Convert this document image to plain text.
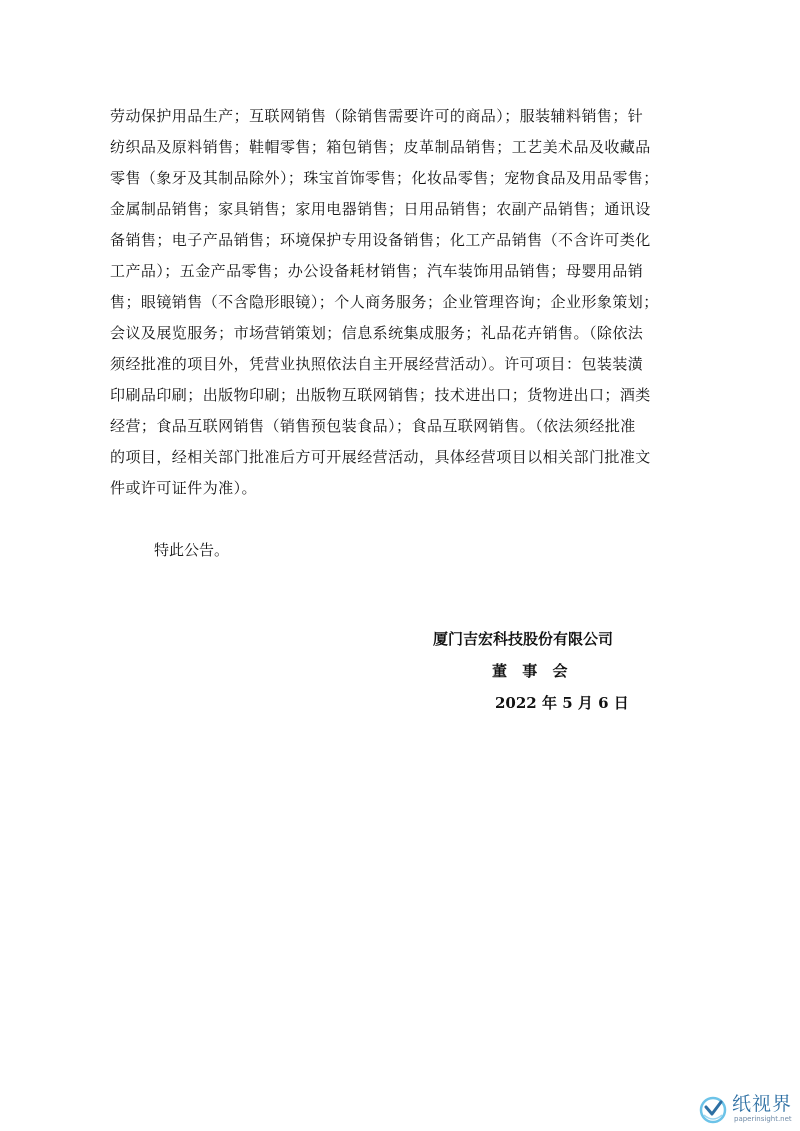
劳动保护用品生产；互联网销售（除销售需要许可的商品）；服装辅料销售；针
纺织品及原料销售；鞋帽零售；箱包销售；皮革制品销售；工艺美术品及收藏品
零售（象牙及其制品除外）；珠宝首饰零售；化妆品零售；宠物食品及用品零售；
金属制品销售；家具销售；家用电器销售；日用品销售；农副产品销售；通讯设
备销售；电子产品销售；环境保护专用设备销售；化工产品销售（不含许可类化
工产品）；五金产品零售；办公设备耗材销售；汽车装饰用品销售；母婴用品销
售；眼镜销售（不含隐形眼镜）；个人商务服务；企业管理咨询；企业形象策划；
会议及展览服务；市场营销策划；信息系统集成服务；礼品花卉销售。（除依法
须经批准的项目外，凭营业执照依法自主开展经营活动）。许可项目：包装装潢
印刷品印刷；出版物印刷；出版物互联网销售；技术进出口；货物进出口；酒类
经营；食品互联网销售（销售预包装食品）；食品互联网销售。（依法须经批准
的项目，经相关部门批准后方可开展经营活动，具体经营项目以相关部门批准文
件或许可证件为准）。
特此公告。
厦门吉宏科技股份有限公司
董 事 会
2022 年 5 月 6 日
纸视界
paperinsight.net
